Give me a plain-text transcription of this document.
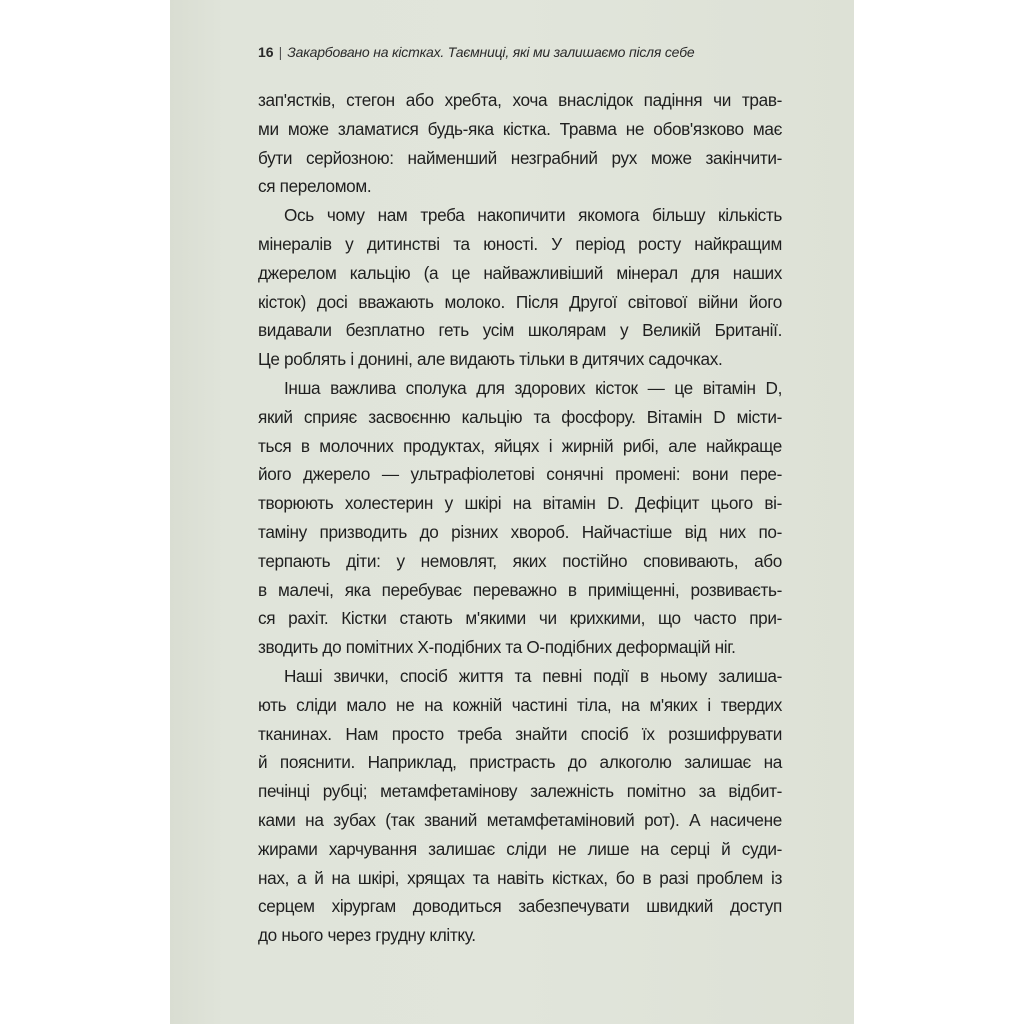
16 | Закарбовано на кістках. Таємниці, які ми залишаємо після себе
зап'ястків, стегон або хребта, хоча внаслідок падіння чи трав-
ми може зламатися будь-яка кістка. Травма не обов'язково має
бути серйозною: найменший незграбний рух може закінчити-
ся переломом.
Ось чому нам треба накопичити якомога більшу кількість
мінералів у дитинстві та юності. У період росту найкращим
джерелом кальцію (а це найважливіший мінерал для наших
кісток) досі вважають молоко. Після Другої світової війни його
видавали безплатно геть усім школярам у Великій Британії.
Це роблять і донині, але видають тільки в дитячих садочках.
Інша важлива сполука для здорових кісток — це вітамін D,
який сприяє засвоєнню кальцію та фосфору. Вітамін D місти-
ться в молочних продуктах, яйцях і жирній рибі, але найкраще
його джерело — ультрафіолетові сонячні промені: вони пере-
творюють холестерин у шкірі на вітамін D. Дефіцит цього ві-
таміну призводить до різних хвороб. Найчастіше від них по-
терпають діти: у немовлят, яких постійно сповивають, або
в малечі, яка перебуває переважно в приміщенні, розвиваєть-
ся рахіт. Кістки стають м'якими чи крихкими, що часто при-
зводить до помітних Х-подібних та О-подібних деформацій ніг.
Наші звички, спосіб життя та певні події в ньому залиша-
ють сліди мало не на кожній частині тіла, на м'яких і твердих
тканинах. Нам просто треба знайти спосіб їх розшифрувати
й пояснити. Наприклад, пристрасть до алкоголю залишає на
печінці рубці; метамфетамінову залежність помітно за відбит-
ками на зубах (так званий метамфетаміновий рот). А насичене
жирами харчування залишає сліди не лише на серці й суди-
нах, а й на шкірі, хрящах та навіть кістках, бо в разі проблем із
серцем хірургам доводиться забезпечувати швидкий доступ
до нього через грудну клітку.
